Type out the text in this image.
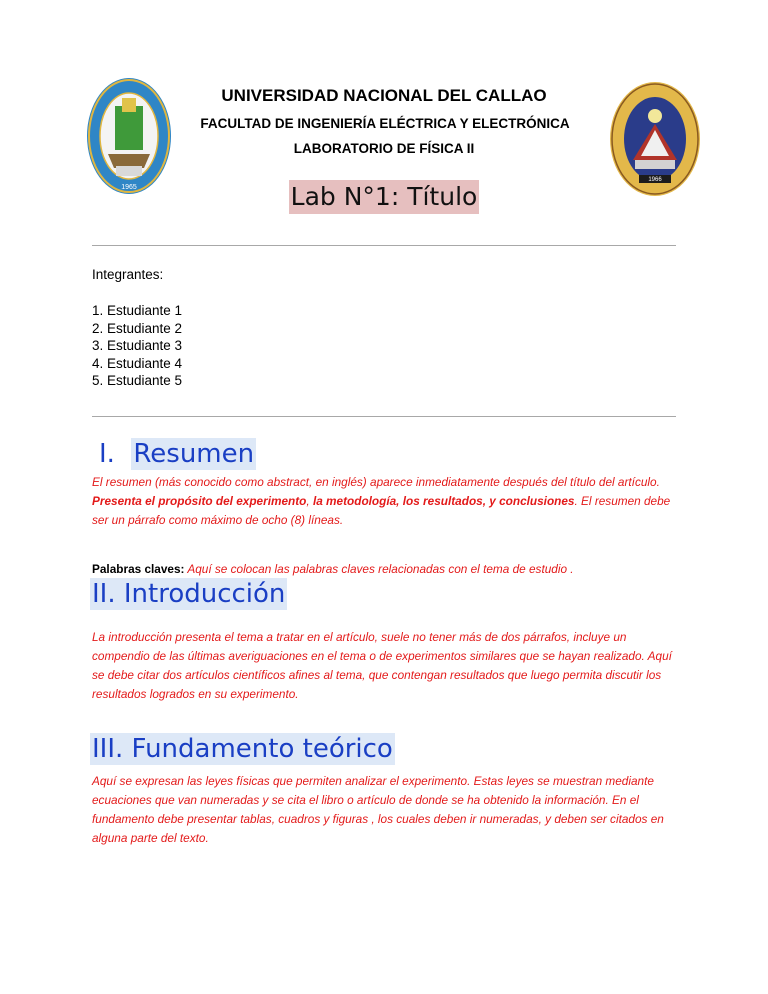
1965
1966
UNIVERSIDAD NACIONAL DEL CALLAO
FACULTAD DE INGENIERÍA ELÉCTRICA Y ELECTRÓNICA
LABORATORIO DE FÍSICA II
Lab N°1: Título
Integrantes:
1. Estudiante 1
2. Estudiante 2
3. Estudiante 3
4. Estudiante 4
5. Estudiante 5
I. Resumen
El resumen (más conocido como abstract, en inglés) aparece inmediatamente después del título del artículo. Presenta el propósito del experimento, la metodología, los resultados, y conclusiones. El resumen debe ser un párrafo como máximo de ocho (8) líneas.
Palabras claves: Aquí se colocan las palabras claves relacionadas con el tema de estudio .
II. Introducción
La introducción presenta el tema a tratar en el artículo, suele no tener más de dos párrafos, incluye un compendio de las últimas averiguaciones en el tema o de experimentos similares que se hayan realizado. Aquí se debe citar dos artículos científicos afines al tema, que contengan resultados que luego permita discutir los resultados logrados en su experimento.
III. Fundamento teórico
Aquí se expresan las leyes físicas que permiten analizar el experimento. Estas leyes se muestran mediante ecuaciones que van numeradas y se cita el libro o artículo de donde se ha obtenido la información. En el fundamento debe presentar tablas, cuadros y figuras , los cuales deben ir numeradas, y deben ser citados en alguna parte del texto.
